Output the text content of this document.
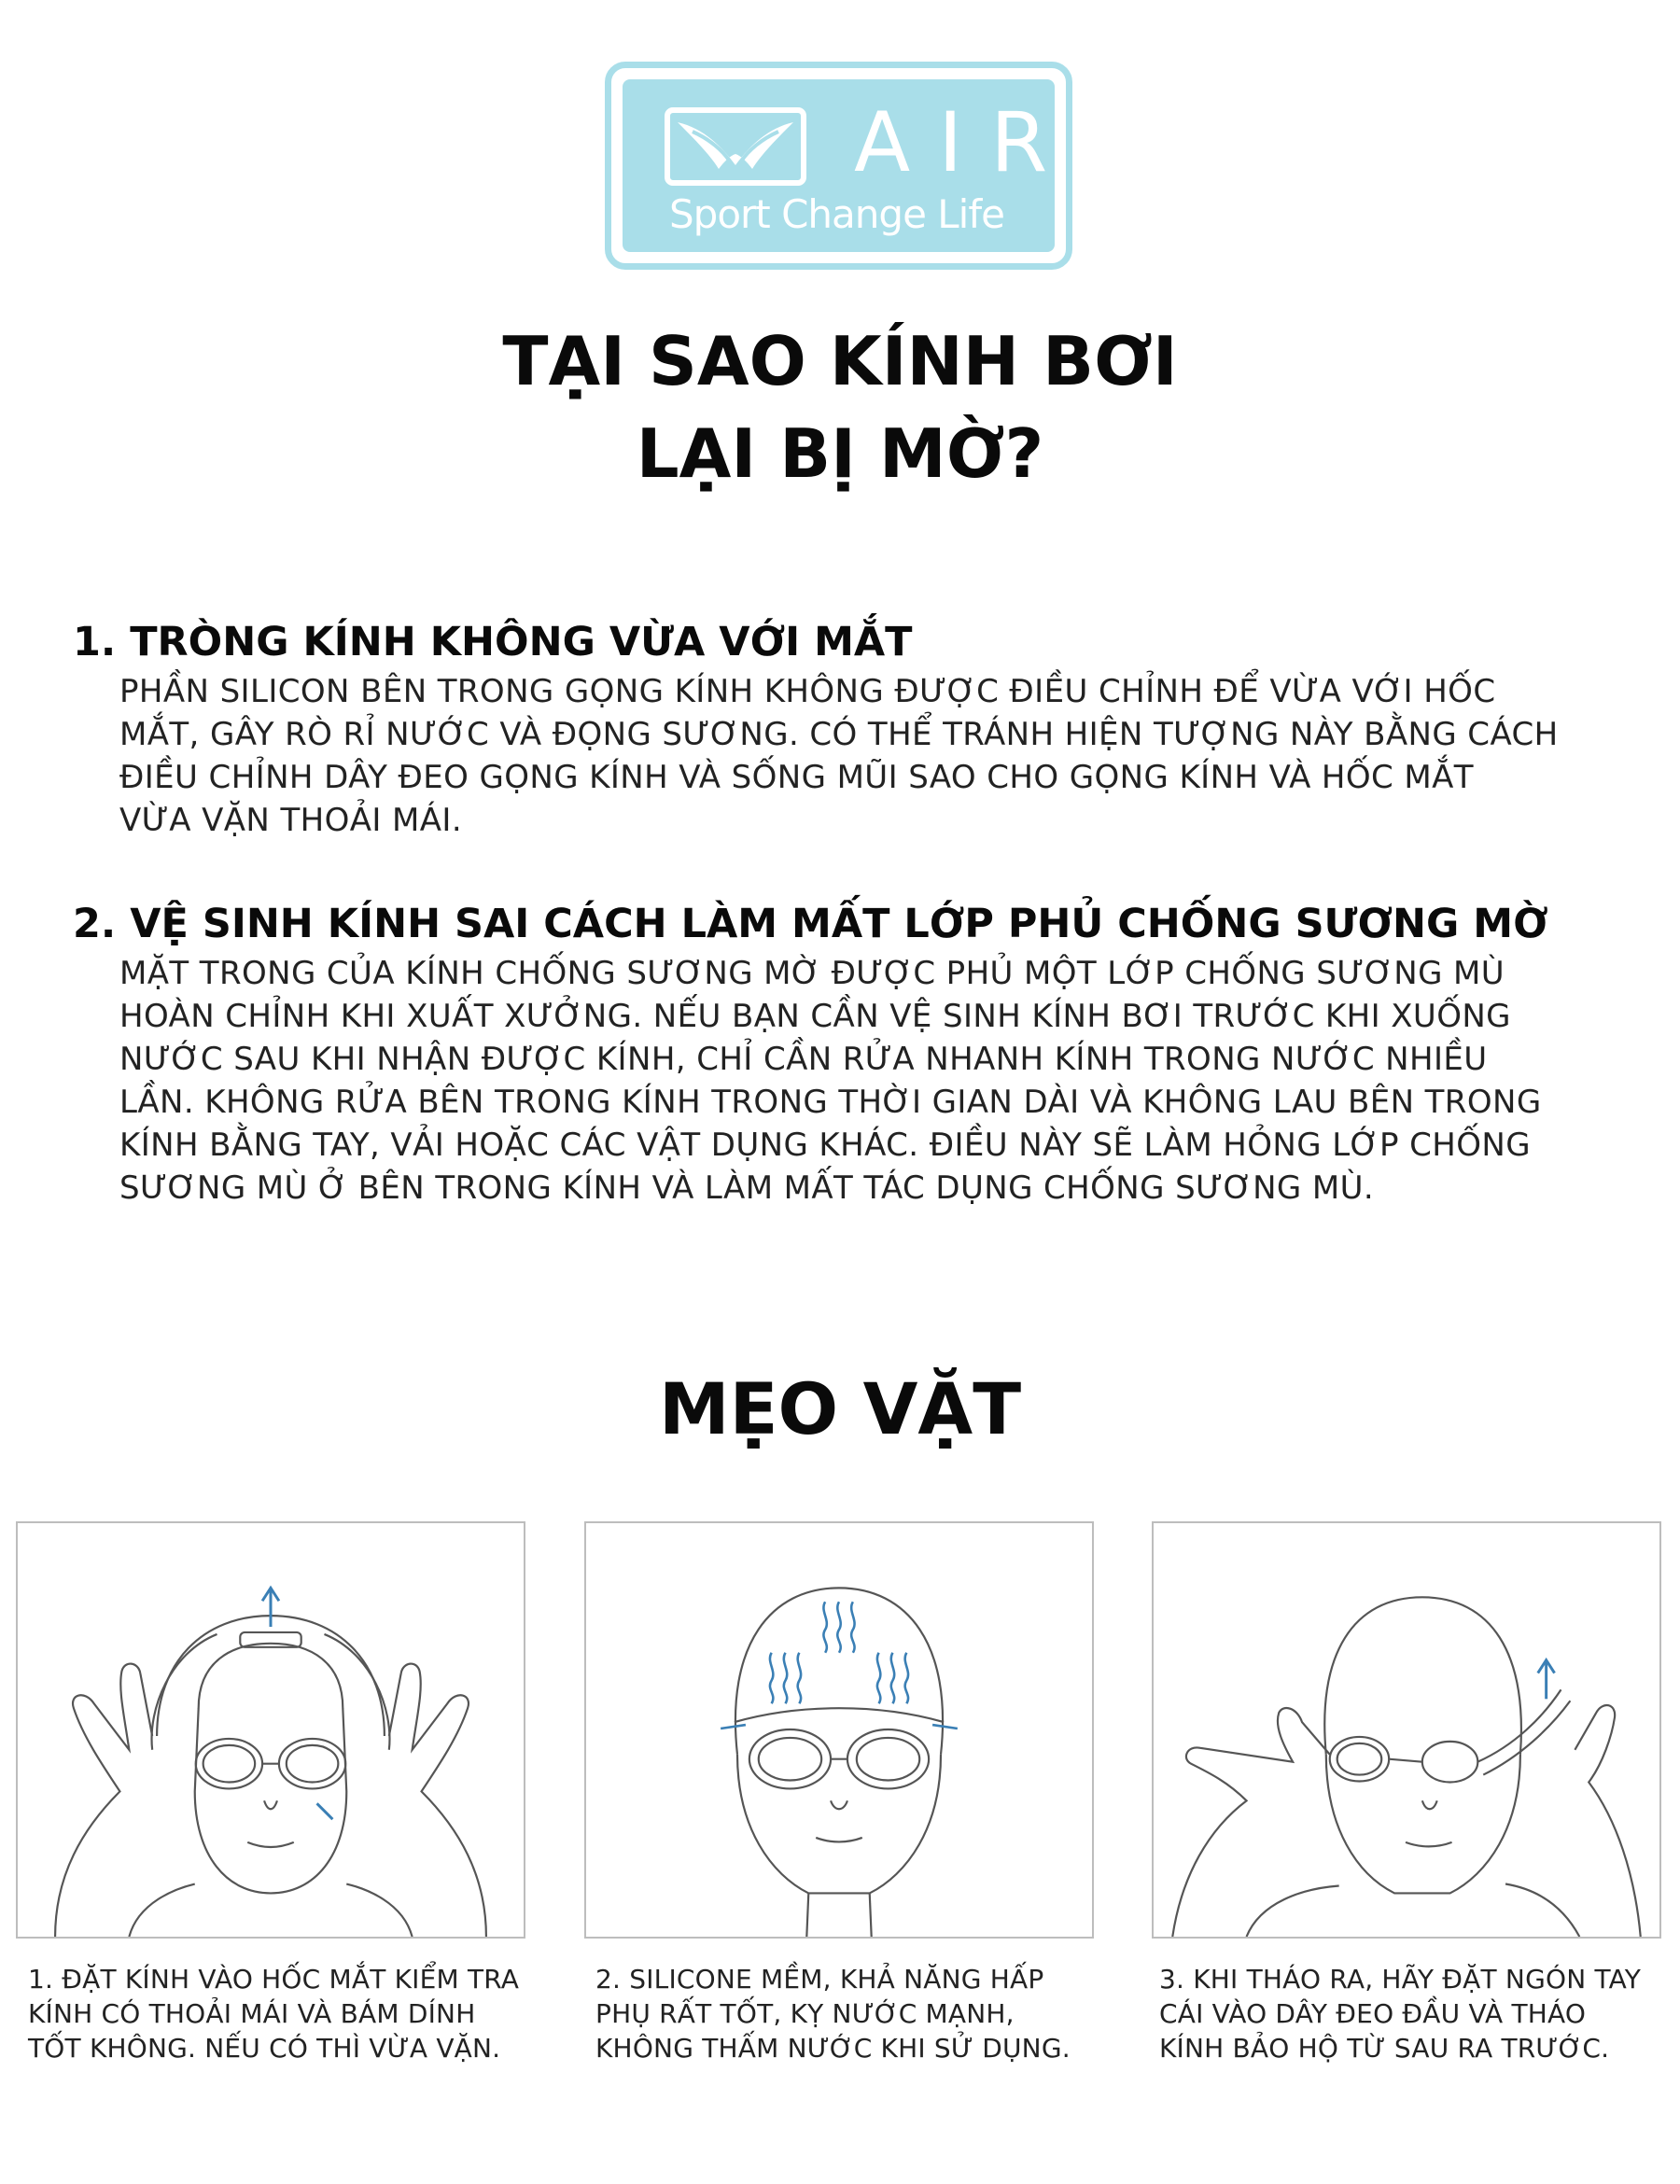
AIR
Sport Change Life
TẠI SAO KÍNH BƠI
LẠI BỊ MỜ?
1. TRÒNG KÍNH KHÔNG VỪA VỚI MẮT

PHẦN SILICON BÊN TRONG GỌNG KÍNH KHÔNG ĐƯỢC ĐIỀU CHỈNH ĐỂ VỪA VỚI HỐC
MẮT, GÂY RÒ RỈ NƯỚC VÀ ĐỌNG SƯƠNG. CÓ THỂ TRÁNH HIỆN TƯỢNG NÀY BẰNG CÁCH
ĐIỀU CHỈNH DÂY ĐEO GỌNG KÍNH VÀ SỐNG MŨI SAO CHO GỌNG KÍNH VÀ HỐC MẮT
VỪA VẶN THOẢI MÁI.

2. VỆ SINH KÍNH SAI CÁCH LÀM MẤT LỚP PHỦ CHỐNG SƯƠNG MỜ

MẶT TRONG CỦA KÍNH CHỐNG SƯƠNG MỜ ĐƯỢC PHỦ MỘT LỚP CHỐNG SƯƠNG MÙ
HOÀN CHỈNH KHI XUẤT XƯỞNG. NẾU BẠN CẦN VỆ SINH KÍNH BƠI TRƯỚC KHI XUỐNG
NƯỚC SAU KHI NHẬN ĐƯỢC KÍNH, CHỈ CẦN RỬA NHANH KÍNH TRONG NƯỚC NHIỀU
LẦN. KHÔNG RỬA BÊN TRONG KÍNH TRONG THỜI GIAN DÀI VÀ KHÔNG LAU BÊN TRONG
KÍNH BẰNG TAY, VẢI HOẶC CÁC VẬT DỤNG KHÁC. ĐIỀU NÀY SẼ LÀM HỎNG LỚP CHỐNG
SƯƠNG MÙ Ở BÊN TRONG KÍNH VÀ LÀM MẤT TÁC DỤNG CHỐNG SƯƠNG MÙ.

MẸO VẶT
1. ĐẶT KÍNH VÀO HỐC MẮT KIỂM TRA
KÍNH CÓ THOẢI MÁI VÀ BÁM DÍNH
TỐT KHÔNG. NẾU CÓ THÌ VỪA VẶN.
2. SILICONE MỀM, KHẢ NĂNG HẤP
PHỤ RẤT TỐT, KỴ NƯỚC MẠNH,
KHÔNG THẤM NƯỚC KHI SỬ DỤNG.
3. KHI THÁO RA, HÃY ĐẶT NGÓN TAY
CÁI VÀO DÂY ĐEO ĐẦU VÀ THÁO
KÍNH BẢO HỘ TỪ SAU RA TRƯỚC.
